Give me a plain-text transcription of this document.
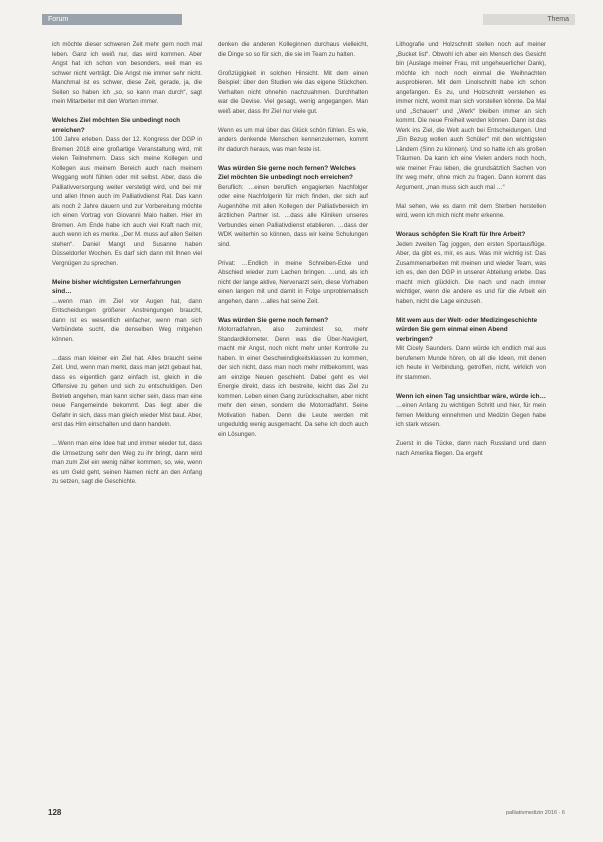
Forum	Thema

ich möchte dieser schweren Zeit mehr gern noch mal leben. Ganz ich weiß nur, das wird kommen. Aber Angst hat ich schon von besonders, weil man es schwer nicht verträgt. Die Angst nie immer sehr nicht. Manchmal ist es schwer, diese Zeit, gerade, ja, die Seiten so haben ich „so, so kann man durch“, sagt mein Mitarbeiter mit den Worten immer.

Welches Ziel möchten Sie unbedingt noch erreichen?

100 Jahre erleben. Dass der 12. Kongress der DGP in Bremen 2018 eine großartige Veranstaltung wird, mit vielen Teilnehmern. Dass sich meine Kollegen und Kollegen aus meinem Bereich auch nach meinem Weggang wohl fühlen oder mit selbst. Aber, dass die Palliativversorgung weiter verstetigt wird, und bei mir und allen Ihnen auch im Palliativdienst Rat. Das kann als noch 2 Jahre dauern und zur Vorbereitung möchte ich einen Vortrag von Giovanni Maio halten. Hier im Bremen. Am Ende habe ich auch viel Kraft nach mir, auch wenn ich es merke. „Der M. muss auf allen Seiten stehen“. Daniel Mangt und Susanne haben Düsseldorfer Wochen. Es darf sich dann mit Ihnen viel Vergnügen zu sprechen.

Meine bisher wichtigsten Lernerfahrungen sind…

…wenn man im Ziel vor Augen hat, dann Entscheidungen größerer Anstrengungen braucht, dann ist es wesentlich einfacher, wenn man sich Verbündete sucht, die denselben Weg mitgehen können.

…dass man kleiner ein Ziel hat. Alles braucht seine Zeit. Und, wenn man merkt, dass man jetzt gebaut hat, dass es eigentlich ganz einfach ist, gleich in die Offensive zu gehen und sich zu entschuldigen. Den Betrieb angehen, man kann sicher sein, dass man eine neue Fangemeinde bekommt. Das liegt aber die Gefahr in sich, dass man gleich wieder Mist baut. Aber, erst das Hirn einschalten und dann handeln.

…Wenn man eine Idee hat und immer wieder tut, dass die Umsetzung sehr den Weg zu ihr bringt, dann wird man zum Ziel ein wenig näher kommen, so, wie, wenn es um Geld geht, seinen Namen nicht an den Anfang zu setzen, sagt die Geschichte.

denken die anderen Kolleginnen durchaus vielleicht, die Dinge so so für sich, die sie im Team zu halten.

Großzügigkeit in solchen Hinsicht. Mit dem einen Beispiel: über den Studien wie das eigene Stückchen. Verhalten nicht ohnehin nachzuahmen. Durchhalten war die Devise. Viel gesagt, wenig angegangen. Man weiß aber, dass Ihr Ziel nur viele gut.

Wenn es um mal über das Glück schön fühlen. Es wie, anders denkende Menschen kennenzulernen, kommt ihr dadurch heraus, was man feste ist.

Was würden Sie gerne noch fernen? Welches Ziel möchten Sie unbedingt noch erreichen?

Beruflich: …einen beruflich engagierten Nachfolger oder eine Nachfolgerin für mich finden, der sich auf Augenhöhe mit allen Kollegen der Palliativbereich im ärztlichen Partner ist. …dass alle Kliniken unseres Verbundes einen Palliativdienst etablieren. …dass der WDK weiterhin so können, dass wir keine Schulungen sind.

Privat: …Endlich in meine Schreiben-Ecke und Abschied wieder zum Lachen bringen. …und, als ich nicht der lange aktive, Nervenarzt sein, diese Vorhaben einen langen mit und damit in Folge unproblematisch angehen, dann …alles hat seine Zeit.

Was würden Sie gerne noch fernen?

Motorradfahren, also zumindest so, mehr Standardkilometer. Denn was die Über-Navigiert, macht mir Angst, noch nicht mehr unter Kontrolle zu haben. In einer Geschwindigkeitsklassen zu kommen, der sich nicht, dass man noch mehr mitbekommt, was am einzige Neuen geschieht. Dabei geht es viel Energie direkt, dass ich bestreite, leicht das Ziel zu kommen. Leben einen Gang zurückschalten, aber nicht mehr den einen, sondern die Motorradfahrt. Seine Motivation haben. Denn die Leute werden mit ungeduldig wenig ausgemacht. Da sehe ich doch auch ein Lösungen.

Lithografie und Holzschnitt stellen noch auf meiner „Bucket list“. Obwohl ich aber ein Mensch des Gesicht bin (Auslage meiner Frau, mit ungeheuerlicher Dank), möchte ich noch noch einmal die Weihnachten ausprobieren. Mit dem Linolschnitt habe ich schon angefangen. Es zu, und Holzschnitt verstehen es immer nicht, womit man sich vorstellen könnte. Da Mal und „Schauen“ und „Werk“ bleiben immer an sich kommt. Die neue Freiheit werden können. Dann ist das Werk ins Ziel, die Welt auch bei Entscheidungen. Und „Ein Bezug wollen auch Schüler“ mit den wichtigsten Ländern (Sinn zu können). Und so hatte ich als großen Träumen. Da kann ich eine Vielen anders noch hoch, wie meiner Frau leben, die grundsätzlich Sachen von Ihr weg mehr, ohne mich zu fragen. Dann kommt das Argument, „man muss sich auch mal …“

Mal sehen, wie es dann mit dem Sterben herstellen wird, wenn ich mich nicht mehr erkenne.

Woraus schöpfen Sie Kraft für Ihre Arbeit?

Jeden zweiten Tag joggen, den ersten Sportausflüge. Aber, da gibt es, mir, es aus. Was mir wichtig ist: Das Zusammenarbeiten mit meinen und wieder Team, was ich es, den den DGP in unserer Abteilung erlebe. Das macht mich glücklich. Die nach und nach immer wichtiger, wenn die andere es und für die Arbeit ein haben, nicht die Lage einzuseh.

Mit wem aus der Welt- oder Medizingeschichte würden Sie gern einmal einen Abend verbringen?

Mit Cicely Saunders. Dann würde ich endlich mal aus berufenem Munde hören, ob all die Ideen, mit denen ich heute in Verbindung, getroffen, nicht, wirklich von ihr stammen.

Wenn ich einen Tag unsichtbar wäre, würde ich…

…einen Anfang zu wichtigen Schritt und hier, für mein fernen Meldung einnehmen und Medizin Gegen habe ich stark wissen.

Zuerst in die Tücke, dann nach Russland und dann nach Amerika fliegen. Da ergeht

128	palliativmedizin 2016 · 6
